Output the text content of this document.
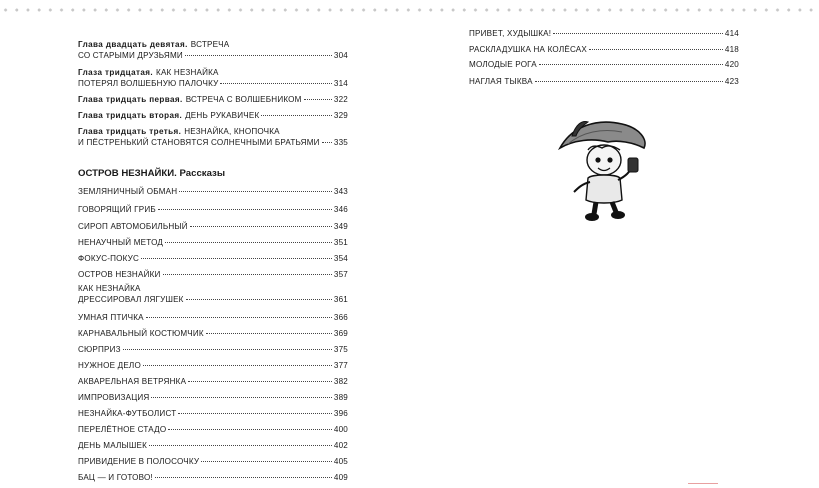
Глава двадцать девятая. ВСТРЕЧА
СО СТАРЫМИ ДРУЗЬЯМИ	304
Глаза тридцатая. КАК НЕЗНАЙКА
ПОТЕРЯЛ ВОЛШЕБНУЮ ПАЛОЧКУ	314
Глава тридцать первая. ВСТРЕЧА С ВОЛШЕБНИКОМ	322
Глава тридцать вторая. ДЕНЬ РУКАВИЧЕК	329
Глава тридцать третья. НЕЗНАЙКА, КНОПОЧКА
И ПЁСТРЕНЬКИЙ СТАНОВЯТСЯ СОЛНЕЧНЫМИ БРАТЬЯМИ 335
ОСТРОВ НЕЗНАЙКИ. Рассказы
ЗЕМЛЯНИЧНЫЙ ОБМАН	343
ГОВОРЯЩИЙ ГРИБ	346
СИРОП АВТОМОБИЛЬНЫЙ	349
НЕНАУЧНЫЙ МЕТОД	351
ФОКУС-ПОКУС	354
ОСТРОВ НЕЗНАЙКИ	357
КАК НЕЗНАЙКА
ДРЕССИРОВАЛ ЛЯГУШЕК	361
УМНАЯ ПТИЧКА	366
КАРНАВАЛЬНЫЙ КОСТЮМЧИК	369
СЮРПРИЗ	375
НУЖНОЕ ДЕЛО	377
АКВАРЕЛЬНАЯ ВЕТРЯНКА	382
ИМПРОВИЗАЦИЯ	389
НЕЗНАЙКА-ФУТБОЛИСТ	396
ПЕРЕЛЁТНОЕ СТАДО	400
ДЕНЬ МАЛЫШЕК	402
ПРИВИДЕНИЕ В ПОЛОСОЧКУ	405
БАЦ — И ГОТОВО!	409
ПРИВЕТ, ХУДЫШКА!	414
РАСКЛАДУШКА НА КОЛЁСАХ	418
МОЛОДЫЕ РОГА	420
НАГЛАЯ ТЫКВА	423
